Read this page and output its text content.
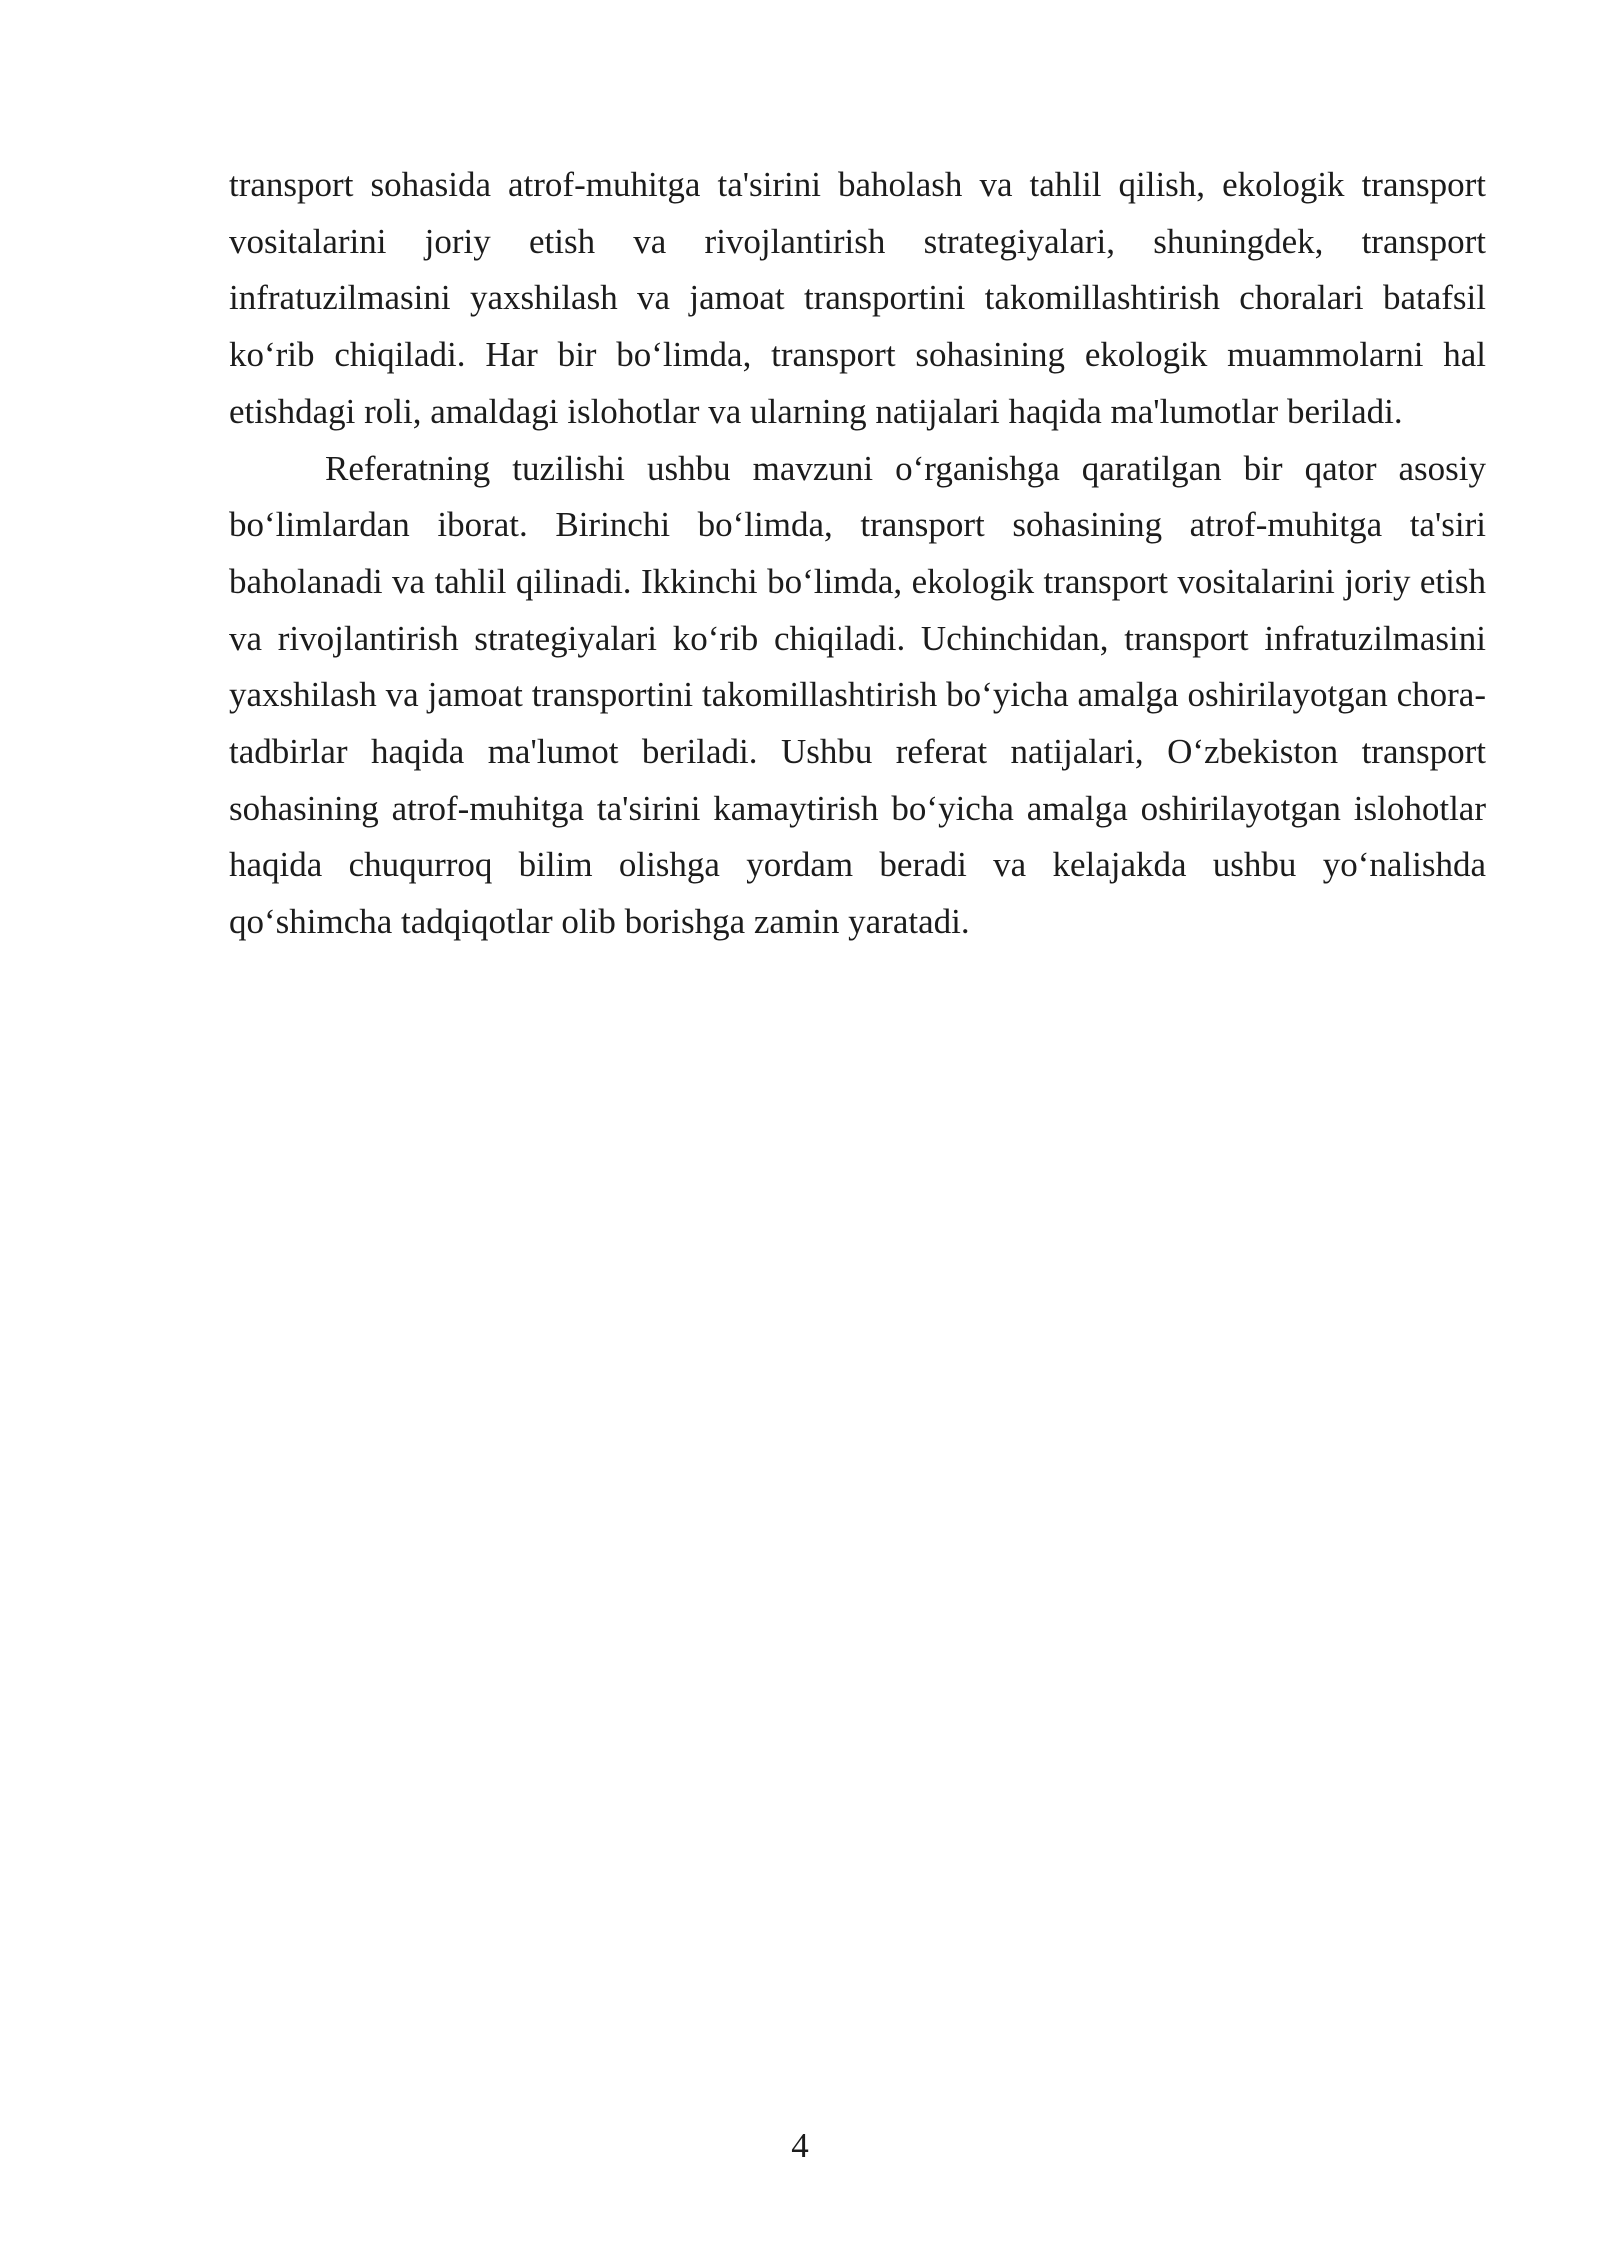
transport sohasida atrof-muhitga ta'sirini baholash va tahlil qilish, ekologik transport vositalarini joriy etish va rivojlantirish strategiyalari, shuningdek, transport infratuzilmasini yaxshilash va jamoat transportini takomillashtirish choralari batafsil ko‘rib chiqiladi. Har bir bo‘limda, transport sohasining ekologik muammolarni hal etishdagi roli, amaldagi islohotlar va ularning natijalari haqida ma'lumotlar beriladi.

Referatning tuzilishi ushbu mavzuni o‘rganishga qaratilgan bir qator asosiy bo‘limlardan iborat. Birinchi bo‘limda, transport sohasining atrof-muhitga ta'siri baholanadi va tahlil qilinadi. Ikkinchi bo‘limda, ekologik transport vositalarini joriy etish va rivojlantirish strategiyalari ko‘rib chiqiladi. Uchinchidan, transport infratuzilmasini yaxshilash va jamoat transportini takomillashtirish bo‘yicha amalga oshirilayotgan chora-tadbirlar haqida ma'lumot beriladi. Ushbu referat natijalari, O‘zbekiston transport sohasining atrof-muhitga ta'sirini kamaytirish bo‘yicha amalga oshirilayotgan islohotlar haqida chuqurroq bilim olishga yordam beradi va kelajakda ushbu yo‘nalishda qo‘shimcha tadqiqotlar olib borishga zamin yaratadi.

4
